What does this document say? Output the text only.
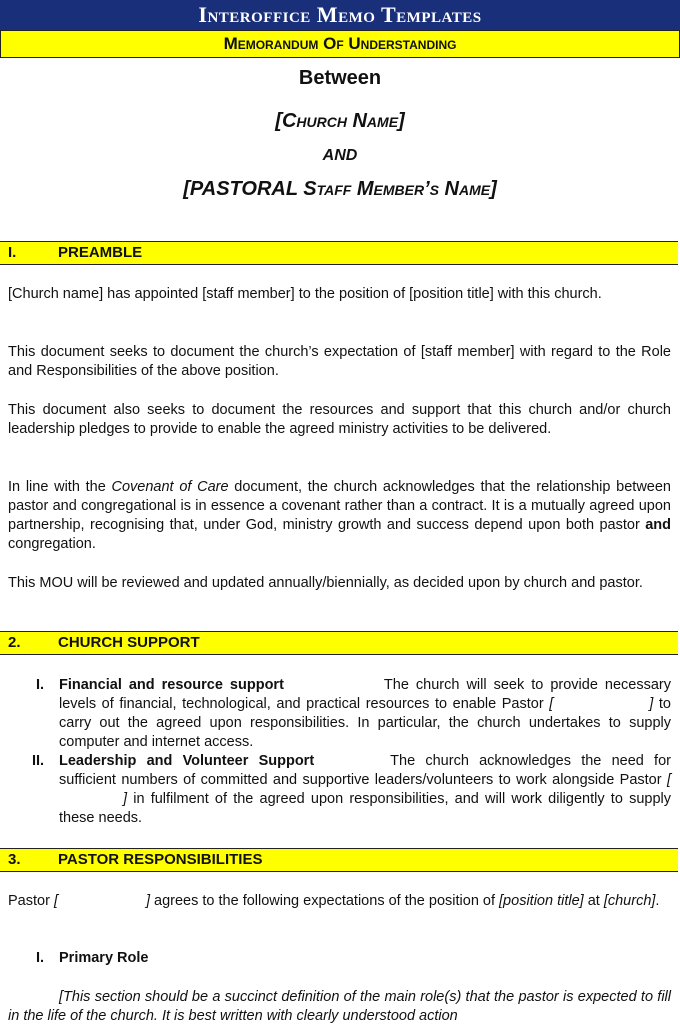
Interoffice Memo Templates
Memorandum Of Understanding
Between
[Church Name]
AND
[PASTORAL Staff Member’s Name]
I.	PREAMBLE

[Church name] has appointed [staff member] to the position of [position title] with this church.

This document seeks to document the church’s expectation of [staff member] with regard to the Role and Responsibilities of the above position.

This document also seeks to document the resources and support that this church and/or church leadership pledges to provide to enable the agreed ministry activities to be delivered.

In line with the Covenant of Care document, the church acknowledges that the relationship between pastor and congregational is in essence a covenant rather than a contract. It is a mutually agreed upon partnership, recognising that, under God, ministry growth and success depend upon both pastor and congregation.

This MOU will be reviewed and updated annually/biennially, as decided upon by church and pastor.

2. CHURCH SUPPORT
I. Financial and resource support	The church will seek to provide necessary levels of financial, technological, and practical resources to enable Pastor [	] to carry out the agreed upon responsibilities. In particular, the church undertakes to supply computer and internet access.

II. Leadership and Volunteer Support	The church acknowledges the need for sufficient numbers of committed and supportive leaders/volunteers to work alongside Pastor [] in fulfilment of the agreed upon responsibilities, and will work diligently to supply these needs.

3. PASTOR RESPONSIBILITIES

Pastor [	] agrees to the following expectations of the position of [position title] at [church].

I. Primary Role

[This section should be a succinct definition of the main role(s) that the pastor is expected to fill in the life of the church. It is best written with clearly understood action
